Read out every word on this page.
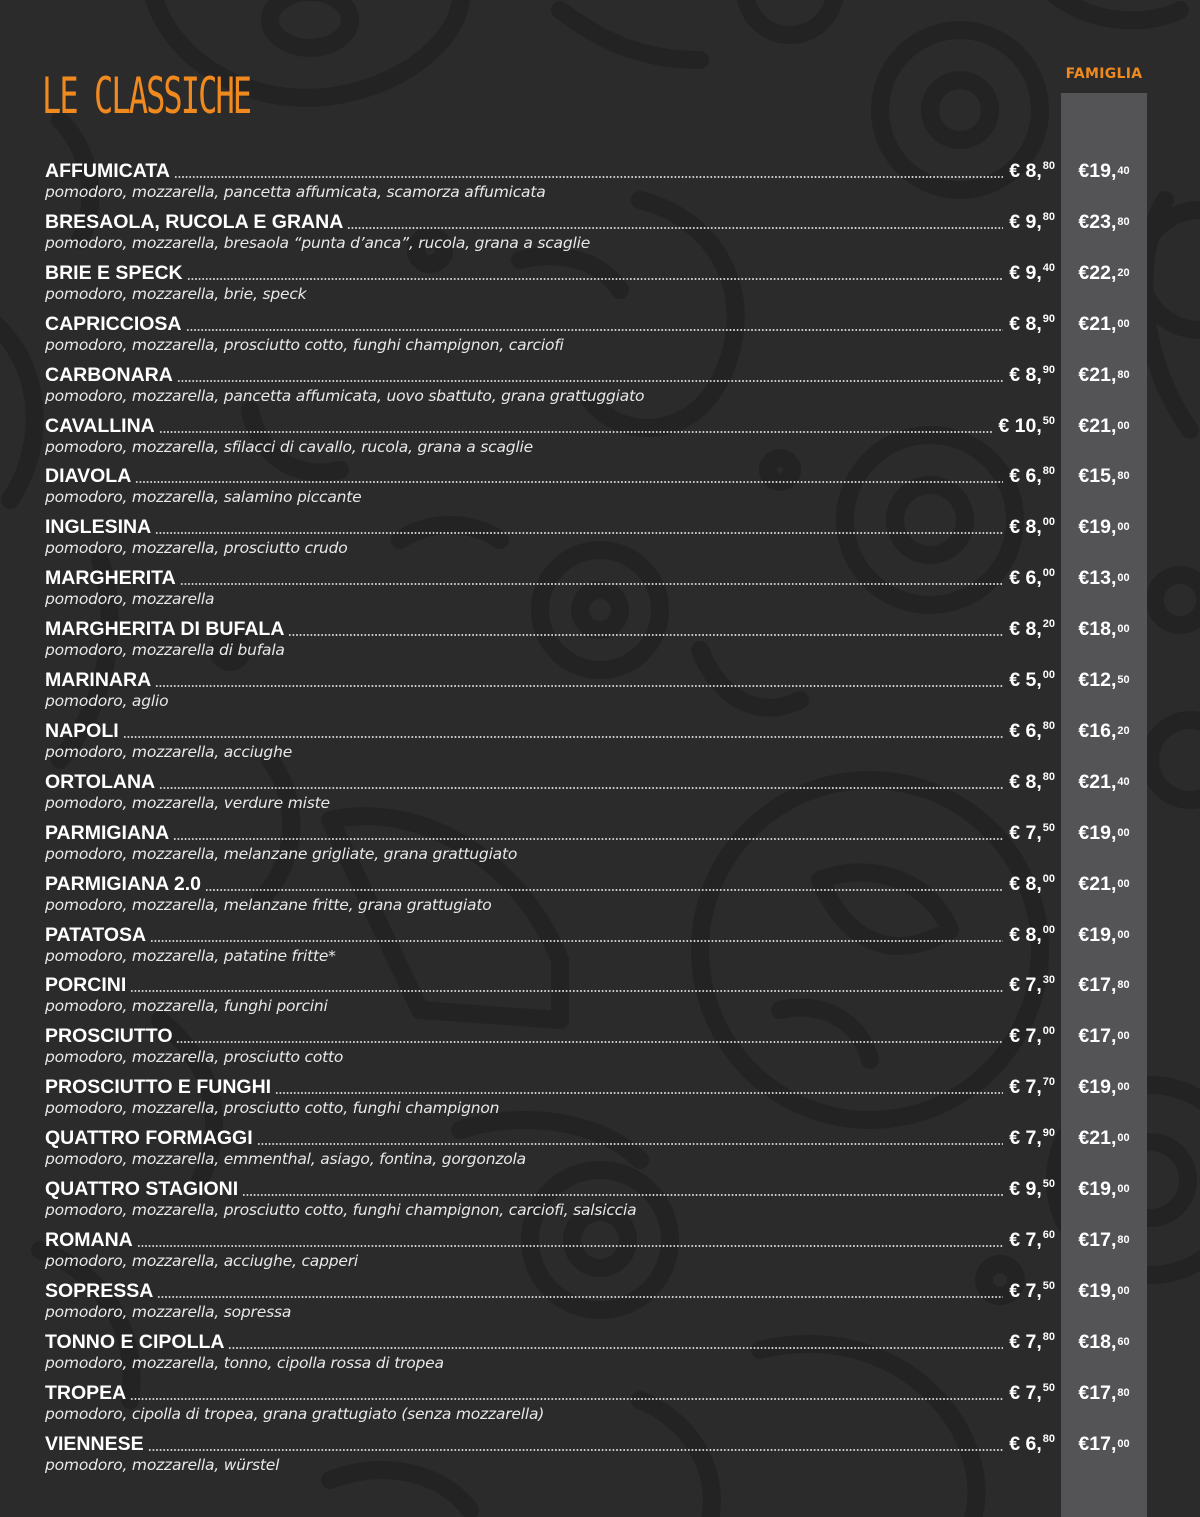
FAMIGLIA
LE CLASSICHE
AFFUMICATA	€ 8,80 € 19 , 40
pomodoro, mozzarella, pancetta affumicata, scamorza affumicata
BRESAOLA, RUCOLA E GRANA	€ 9,80 € 23 , 80
pomodoro, mozzarella, bresaola “punta d’anca”, rucola, grana a scaglie
BRIE E SPECK	€ 9,40 € 22 , 20
pomodoro, mozzarella, brie, speck
CAPRICCIOSA	€ 8,90 € 21 , 00
pomodoro, mozzarella, prosciutto cotto, funghi champignon, carciofi
CARBONARA	€ 8,90 € 21 , 80
pomodoro, mozzarella, pancetta affumicata, uovo sbattuto, grana grattuggiato
CAVALLINA	€ 10,50 € 21 , 00
pomodoro, mozzarella, sfilacci di cavallo, rucola, grana a scaglie
DIAVOLA	€ 6,80 € 15 , 80
pomodoro, mozzarella, salamino piccante
INGLESINA	€ 8,00 € 19 , 00
pomodoro, mozzarella, prosciutto crudo
MARGHERITA	€ 6,00 € 13 , 00
pomodoro, mozzarella
MARGHERITA DI BUFALA	€ 8,20 € 18 , 00
pomodoro, mozzarella di bufala
MARINARA	€ 5,00 € 12 , 50
pomodoro, aglio
NAPOLI	€ 6,80 € 16 , 20
pomodoro, mozzarella, acciughe
ORTOLANA	€ 8,80 € 21 , 40
pomodoro, mozzarella, verdure miste
PARMIGIANA	€ 7,50 € 19 , 00
pomodoro, mozzarella, melanzane grigliate, grana grattugiato
PARMIGIANA 2.0	€ 8,00 € 21 , 00
pomodoro, mozzarella, melanzane fritte, grana grattugiato
PATATOSA	€ 8,00 € 19 , 00
pomodoro, mozzarella, patatine fritte*
PORCINI	€ 7,30 € 17 , 80
pomodoro, mozzarella, funghi porcini
PROSCIUTTO	€ 7,00 € 17 , 00
pomodoro, mozzarella, prosciutto cotto
PROSCIUTTO E FUNGHI	€ 7,70 € 19 , 00
pomodoro, mozzarella, prosciutto cotto, funghi champignon
QUATTRO FORMAGGI	€ 7,90 € 21 , 00
pomodoro, mozzarella, emmenthal, asiago, fontina, gorgonzola
QUATTRO STAGIONI	€ 9,50 € 19 , 00
pomodoro, mozzarella, prosciutto cotto, funghi champignon, carciofi, salsiccia
ROMANA	€ 7,60 € 17 , 80
pomodoro, mozzarella, acciughe, capperi
SOPRESSA	€ 7,50 € 19 , 00
pomodoro, mozzarella, sopressa
TONNO E CIPOLLA	€ 7,80 € 18 , 60
pomodoro, mozzarella, tonno, cipolla rossa di tropea
TROPEA	€ 7,50 € 17 , 80
pomodoro, cipolla di tropea, grana grattugiato (senza mozzarella)
VIENNESE	€ 6,80 € 17 , 00
pomodoro, mozzarella, würstel
